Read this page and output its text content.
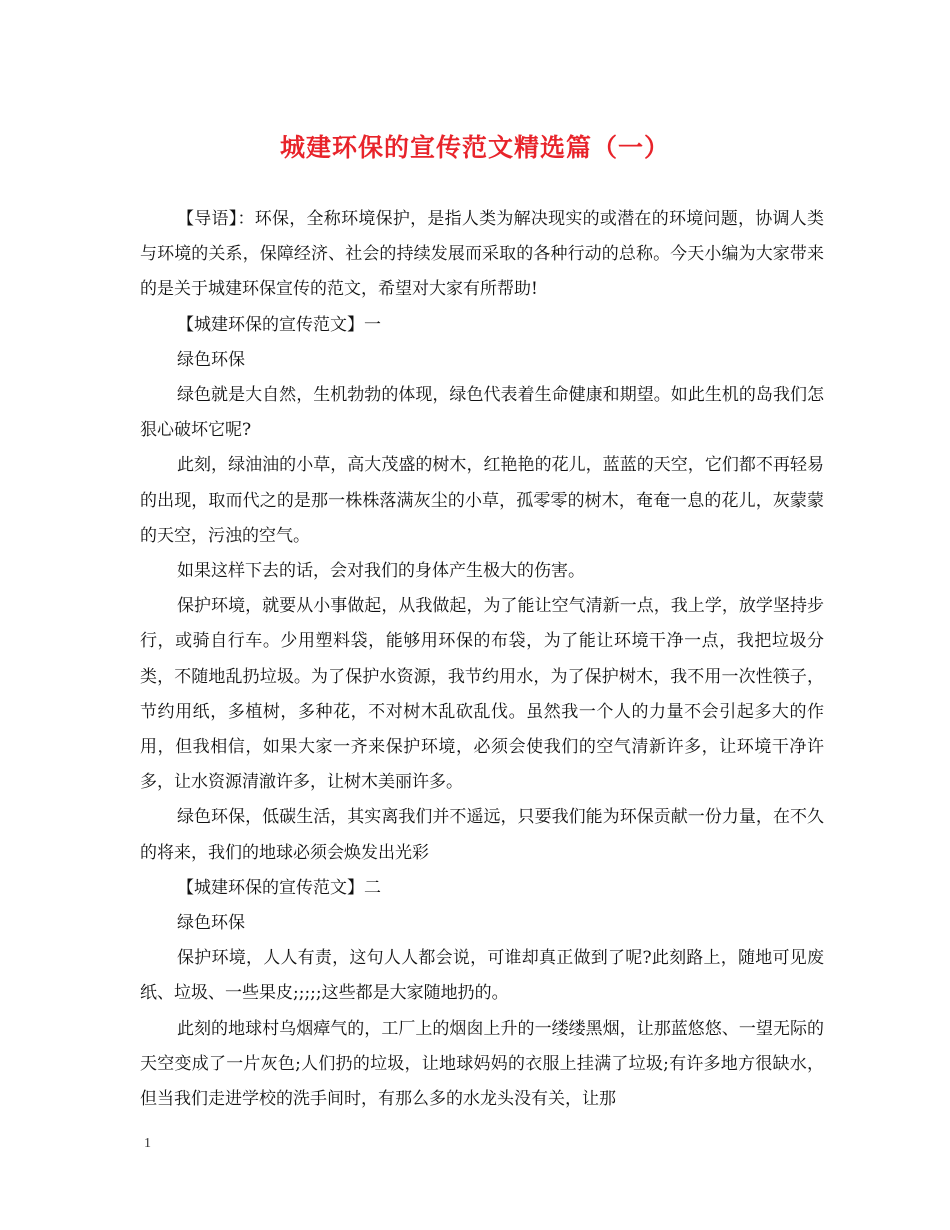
城建环保的宣传范文精选篇（一）

【导语】：环保，全称环境保护，是指人类为解决现实的或潜在的环境问题，协调人类与环境的关系，保障经济、社会的持续发展而采取的各种行动的总称。今天小编为大家带来的是关于城建环保宣传的范文，希望对大家有所帮助!

【城建环保的宣传范文】一

绿色环保

绿色就是大自然，生机勃勃的体现，绿色代表着生命健康和期望。如此生机的岛我们怎狠心破坏它呢?

此刻，绿油油的小草，高大茂盛的树木，红艳艳的花儿，蓝蓝的天空，它们都不再轻易的出现，取而代之的是那一株株落满灰尘的小草，孤零零的树木，奄奄一息的花儿，灰蒙蒙的天空，污浊的空气。

如果这样下去的话，会对我们的身体产生极大的伤害。

保护环境，就要从小事做起，从我做起，为了能让空气清新一点，我上学，放学坚持步行，或骑自行车。少用塑料袋，能够用环保的布袋，为了能让环境干净一点，我把垃圾分类，不随地乱扔垃圾。为了保护水资源，我节约用水，为了保护树木，我不用一次性筷子，节约用纸，多植树，多种花，不对树木乱砍乱伐。虽然我一个人的力量不会引起多大的作用，但我相信，如果大家一齐来保护环境，必须会使我们的空气清新许多，让环境干净许多，让水资源清澈许多，让树木美丽许多。

绿色环保，低碳生活，其实离我们并不遥远，只要我们能为环保贡献一份力量，在不久的将来，我们的地球必须会焕发出光彩

【城建环保的宣传范文】二

绿色环保

保护环境，人人有责，这句人人都会说，可谁却真正做到了呢?此刻路上，随地可见废纸、垃圾、一些果皮;;;;;这些都是大家随地扔的。

此刻的地球村乌烟瘴气的，工厂上的烟囱上升的一缕缕黑烟，让那蓝悠悠、一望无际的天空变成了一片灰色;人们扔的垃圾，让地球妈妈的衣服上挂满了垃圾;有许多地方很缺水，但当我们走进学校的洗手间时，有那么多的水龙头没有关，让那

1
